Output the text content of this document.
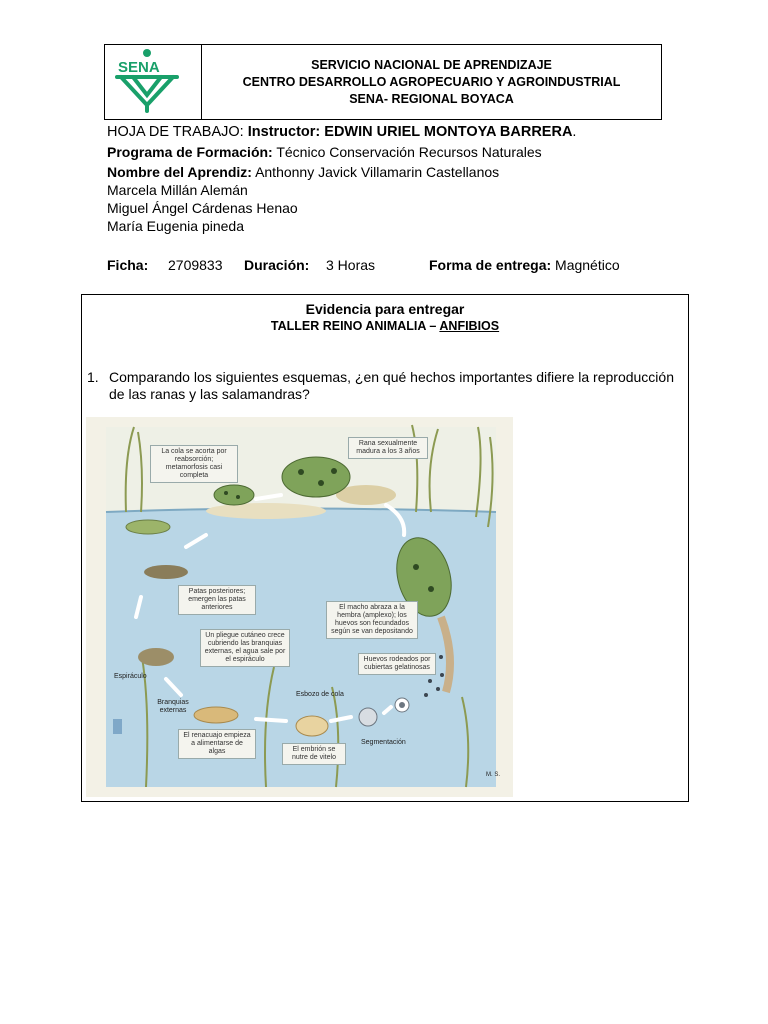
SENA	SERVICIO NACIONAL DE APRENDIZAJE
CENTRO DESARROLLO AGROPECUARIO Y AGROINDUSTRIAL
SENA- REGIONAL BOYACA
HOJA DE TRABAJO: Instructor: EDWIN URIEL MONTOYA BARRERA.
Programa de Formación: Técnico Conservación Recursos Naturales
Nombre del Aprendiz: Anthonny Javick Villamarin Castellanos
Marcela Millán Alemán
Miguel Ángel Cárdenas Henao
María Eugenia pineda
Ficha: 2709833 Duración: 3 Horas	Forma de entrega: Magnético
Evidencia para entregar
TALLER REINO ANIMALIA – ANFIBIOS
1. Comparando los siguientes esquemas, ¿en qué hechos importantes difiere la reproducción de las ranas y las salamandras?
La cola se acorta por reabsorción; metamorfosis casi completa
Rana sexualmente madura a los 3 años
Patas posteriores; emergen las patas anteriores	El macho abraza a la hembra (amplexo); los huevos son fecundados según se van depositando
Un pliegue cutáneo crece cubriendo las branquias externas, el agua sale por el espiráculo	Huevos rodeados por cubiertas gelatinosas
Espiráculo
Branquias externas
Esbozo de cola
El renacuajo empieza a alimentarse de algas	El embrión se nutre de vitelo
Segmentación
M. S.
